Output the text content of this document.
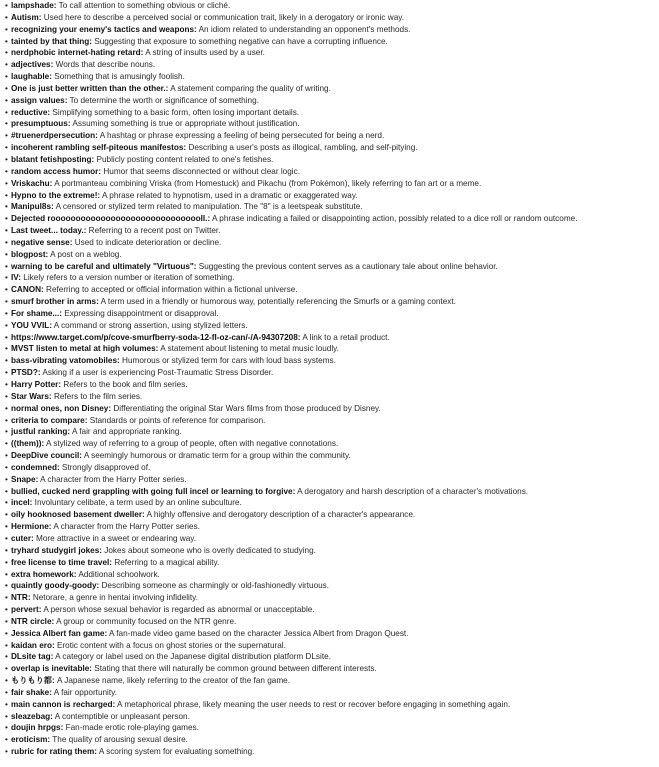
• lampshade: To call attention to something obvious or cliché.
• Autism: Used here to describe a perceived social or communication trait, likely in a derogatory or ironic way.
• recognizing your enemy's tactics and weapons: An idiom related to understanding an opponent's methods.
• tainted by that thing: Suggesting that exposure to something negative can have a corrupting influence.
• nerdphobic internet-hating retard: A string of insults used by a user.
• adjectives: Words that describe nouns.
• laughable: Something that is amusingly foolish.
• One is just better written than the other.: A statement comparing the quality of writing.
• assign values: To determine the worth or significance of something.
• reductive: Simplifying something to a basic form, often losing important details.
• presumptuous: Assuming something is true or appropriate without justification.
• #truenerdpersecution: A hashtag or phrase expressing a feeling of being persecuted for being a nerd.
• incoherent rambling self-piteous manifestos: Describing a user's posts as illogical, rambling, and self-pitying.
• blatant fetishposting: Publicly posting content related to one's fetishes.
• random access humor: Humor that seems disconnected or without clear logic.
• Vriskachu: A portmanteau combining Vriska (from Homestuck) and Pikachu (from Pokémon), likely referring to fan art or a meme.
• Hypno to the extreme!: A phrase related to hypnotism, used in a dramatic or exaggerated way.
• Manipul8s: A censored or stylized term related to manipulation. The "8" is a leetspeak substitute.
• Dejected rooooooooooooooooooooooooooooooll.: A phrase indicating a failed or disappointing action, possibly related to a dice roll or random outcome.
• Last tweet... today.: Referring to a recent post on Twitter.
• negative sense: Used to indicate deterioration or decline.
• blogpost: A post on a weblog.
• warning to be careful and ultimately "Virtuous": Suggesting the previous content serves as a cautionary tale about online behavior.
• IV: Likely refers to a version number or iteration of something.
• CANON: Referring to accepted or official information within a fictional universe.
• smurf brother in arms: A term used in a friendly or humorous way, potentially referencing the Smurfs or a gaming context.
• For shame...: Expressing disappointment or disapproval.
• YOU VVIL: A command or strong assertion, using stylized letters.
• https://www.target.com/p/cove-smurfberry-soda-12-fl-oz-can/-/A-94307208: A link to a retail product.
• MVST listen to metal at high volumes: A statement about listening to metal music loudly.
• bass-vibrating vatomobiles: Humorous or stylized term for cars with loud bass systems.
• PTSD?: Asking if a user is experiencing Post-Traumatic Stress Disorder.
• Harry Potter: Refers to the book and film series.
• Star Wars: Refers to the film series.
• normal ones, non Disney: Differentiating the original Star Wars films from those produced by Disney.
• criteria to compare: Standards or points of reference for comparison.
• justful ranking: A fair and appropriate ranking.
• ((them)): A stylized way of referring to a group of people, often with negative connotations.
• DeepDive council: A seemingly humorous or dramatic term for a group within the community.
• condemned: Strongly disapproved of.
• Snape: A character from the Harry Potter series.
• bullied, cucked nerd grappling with going full incel or learning to forgive: A derogatory and harsh description of a character's motivations.
• incel: Involuntary celibate, a term used by an online subculture.
• oily hooknosed basement dweller: A highly offensive and derogatory description of a character's appearance.
• Hermione: A character from the Harry Potter series.
• cuter: More attractive in a sweet or endearing way.
• tryhard studygirl jokes: Jokes about someone who is overly dedicated to studying.
• free license to time travel: Referring to a magical ability.
• extra homework: Additional schoolwork.
• quaintly goody-goody: Describing someone as charmingly or old-fashionedly virtuous.
• NTR: Netorare, a genre in hentai involving infidelity.
• pervert: A person whose sexual behavior is regarded as abnormal or unacceptable.
• NTR circle: A group or community focused on the NTR genre.
• Jessica Albert fan game: A fan-made video game based on the character Jessica Albert from Dragon Quest.
• kaidan ero: Erotic content with a focus on ghost stories or the supernatural.
• DLsite tag: A category or label used on the Japanese digital distribution platform DLsite.
• overlap is inevitable: Stating that there will naturally be common ground between different interests.
• もりもり都: A Japanese name, likely referring to the creator of the fan game.
• fair shake: A fair opportunity.
• main cannon is recharged: A metaphorical phrase, likely meaning the user needs to rest or recover before engaging in something again.
• sleazebag: A contemptible or unpleasant person.
• doujin hrpgs: Fan-made erotic role-playing games.
• eroticism: The quality of arousing sexual desire.
• rubric for rating them: A scoring system for evaluating something.
